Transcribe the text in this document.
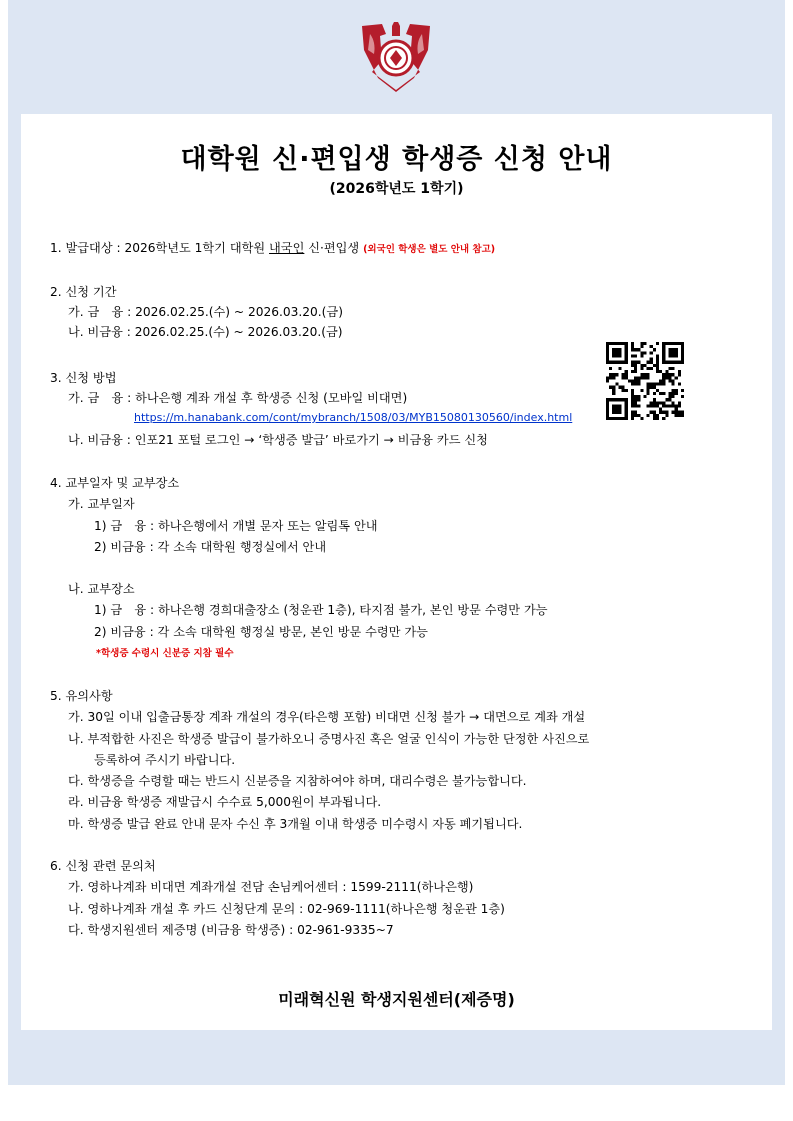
대학원 신·편입생 학생증 신청 안내
(2026학년도 1학기)
1. 발급대상 : 2026학년도 1학기 대학원 내국인 신·편입생 (외국인 학생은 별도 안내 참고)
2. 신청 기간
가. 금　융 : 2026.02.25.(수) ~ 2026.03.20.(금)
나. 비금융 : 2026.02.25.(수) ~ 2026.03.20.(금)
3. 신청 방법
가. 금　융 : 하나은행 계좌 개설 후 학생증 신청 (모바일 비대면)
https://m.hanabank.com/cont/mybranch/1508/03/MYB15080130560/index.html
나. 비금융 : 인포21 포털 로그인 → ‘학생증 발급’ 바로가기 → 비금융 카드 신청
4. 교부일자 및 교부장소
가. 교부일자
1) 금　융 : 하나은행에서 개별 문자 또는 알림톡 안내
2) 비금융 : 각 소속 대학원 행정실에서 안내
나. 교부장소
1) 금　융 : 하나은행 경희대출장소 (청운관 1층), 타지점 불가, 본인 방문 수령만 가능
2) 비금융 : 각 소속 대학원 행정실 방문, 본인 방문 수령만 가능
*학생증 수령시 신분증 지참 필수
5. 유의사항
가. 30일 이내 입출금통장 계좌 개설의 경우(타은행 포함) 비대면 신청 불가 → 대면으로 계좌 개설
나. 부적합한 사진은 학생증 발급이 불가하오니 증명사진 혹은 얼굴 인식이 가능한 단정한 사진으로
등록하여 주시기 바랍니다.
다. 학생증을 수령할 때는 반드시 신분증을 지참하여야 하며, 대리수령은 불가능합니다.
라. 비금융 학생증 재발급시 수수료 5,000원이 부과됩니다.
마. 학생증 발급 완료 안내 문자 수신 후 3개월 이내 학생증 미수령시 자동 폐기됩니다.
6. 신청 관련 문의처
가. 영하나계좌 비대면 계좌개설 전담 손님케어센터 : 1599-2111(하나은행)
나. 영하나계좌 개설 후 카드 신청단계 문의 : 02-969-1111(하나은행 청운관 1층)
다. 학생지원센터 제증명 (비금융 학생증) : 02-961-9335~7
미래혁신원 학생지원센터(제증명)
